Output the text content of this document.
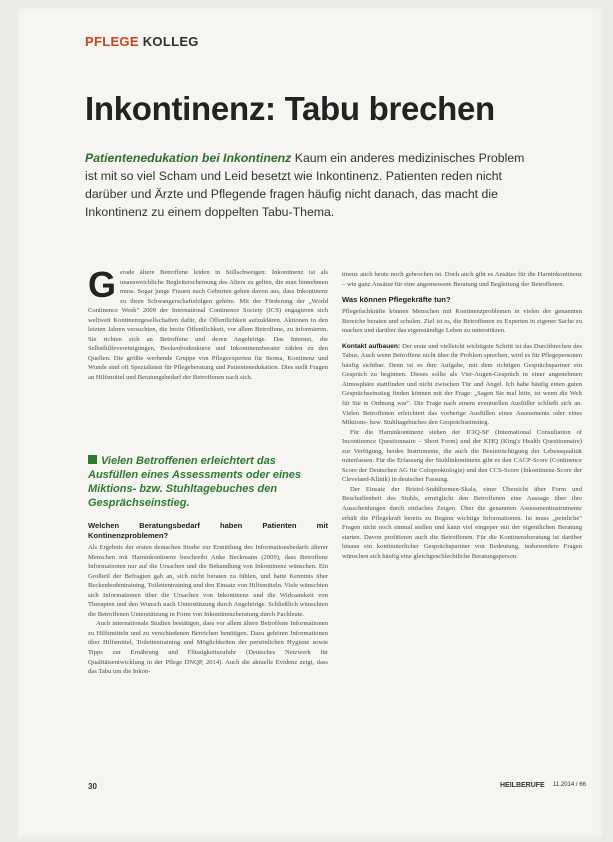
PFLEGE KOLLEG
Inkontinenz: Tabu brechen
Patientenedukation bei Inkontinenz Kaum ein anderes medizinisches Problem ist mit so viel Scham und Leid besetzt wie Inkontinenz. Patienten reden nicht darüber und Ärzte und Pflegende fragen häufig nicht danach, das macht die Inkontinenz zu einem doppelten Tabu-Thema.
G erade ältere Betroffene leiden in Stillschweigen: Inkontinenz ist als unausweichliche Begleiterscheinung des Alters zu gelten, die man hinnehmen muss. Sogar junge Frauen nach Geburten gehen davon aus, dass Inkontinenz zu ihren Schwangerschaftsfolgen gehöre. Mit der Förderung der „World Continence Week" 2009 der International Continence Society (ICS) engagieren sich weltweit Kontinenzgesellschaften dafür, die Öffentlichkeit aufzuklären. Aktionen in den letzten Jahren versuchten, die breite Öffentlichkeit, vor allem Betroffene, zu informieren. Sie richten sich an Betroffene und deren Angehörige. Das Internet, die Selbsthilfevereinigungen, Beckenbodenkurse und Inkontinenzberater zählen zu den Quellen. Die größte werbende Gruppe von Pflegeexperten für Stoma, Kontinenz und Wunde sind oft Spezialisten für Pflegeberatung und Patientenedukation. Dies stellt Fragen an Hilfsmittel und Beratungsbedarf der Betroffenen nach sich.

Vielen Betroffenen erleichtert das Ausfüllen eines Assessments oder eines Miktions- bzw. Stuhltagebuches den Gesprächseinstieg.
Welchen Beratungsbedarf haben Patienten mit Kontinenzproblemen?

Als Ergebnis der ersten deutschen Studie zur Ermittlung des Informationsbedarfs älterer Menschen mit Harninkontinenz beschreibt Anke Beckmann (2009), dass Betroffene Informationen nur auf die Ursachen und die Behandlung von Inkontinenz wünschen. Ein Großteil der Befragten gab an, sich nicht beraten zu fühlen, und hatte Kenntnis über Beckenbodentraining, Toilettentraining und den Einsatz von Hilfsmitteln. Viele wünschten sich Informationen über die Ursachen von Inkontinenz und die Wirksamkeit von Therapien und den Wunsch nach Unterstützung durch Angehörige. Schließlich wünschten die Betroffenen Unterstützung in Form von Inkontinenzberatung durch Fachleute.

Auch internationale Studien bestätigen, dass vor allem ältere Betroffene Informationen zu Hilfsmitteln und zu verschiedenen Bereichen benötigen. Dazu gehören Informationen über Hilfsmittel, Toilettentraining und Möglichkeiten der persönlichen Hygiene sowie Tipps zur Ernährung und Flüssigkeitszufuhr (Deutsches Netzwerk für Qualitätsentwicklung in der Pflege DNQP, 2014). Auch die aktuelle Evidenz zeigt, dass das Tabu um die Inkon-

tinenz auch heute noch gebrochen ist. Doch auch gibt es Ansätze für die Harninkontinenz – wie ganz Ansätze für eine angemessene Beratung und Begleitung der Betroffenen.

Was können Pflegekräfte tun?

Pflegefachkräfte können Menschen mit Kontinenzproblemen in vielen der genannten Bereiche beraten und schulen. Ziel ist es, die Betroffenen zu Experten in eigener Sache zu machen und darüber das eigenständige Leben zu unterstützen.

Kontakt aufbauen: Der erste und vielleicht wichtigste Schritt ist das Durchbrechen des Tabus. Auch wenn Betroffene nicht über ihr Problem sprechen, wird es für Pflegepersonen häufig sichtbar. Denn ist es ihre Aufgabe, mit dem richtigen Gesprächspartner ein Gespräch zu beginnen. Dieses sollte als Vier-Augen-Gespräch in einer angenehmen Atmosphäre stattfinden und nicht zwischen Tür und Angel. Ich habe häufig einen guten Gesprächseinstieg finden können mit der Frage: „Sagen Sie mal bitte, ist wenn die Welt für Sie in Ordnung war". Die Frage nach einem eventuellen Ausfüller schließt sich an. Vielen Betroffenen erleichtert das vorherige Ausfüllen eines Assessments oder eines Miktions- bzw. Stuhltagebuches den Gesprächseinstieg.

Für die Harninkontinenz stehen der ICIQ-SF (International Consultation of Incontinence Questionnaire – Short Form) und der KHQ (King's Health Questionnaire) zur Verfügung, beides Instrumente, die auch die Beeinträchtigung der Lebensqualität miterfassen. Für die Erfassung der Stuhlinkontinenz gibt es den CACP-Score (Continence Score der Deutschen AG für Coloproktologie) und den CCS-Score (Inkontinenz-Score der Cleveland-Klinik) in deutscher Fassung.

Der Einsatz der Bristol-Stuhlformen-Skala, einer Übersicht über Form und Beschaffenheit des Stuhls, ermöglicht den Betroffenen eine Aussage über ihre Ausscheidungen durch einfaches Zeigen. Über die genannten Assessmentinstrumente erhält die Pflegekraft bereits zu Beginn wichtige Informationen. Ist muss „peinliche" Fragen nicht noch einmal stellen und kann viel eingeper mit der eigentlichen Beratung starten. Davon profitieren auch die Betroffenen. Für die Kontinenzberatung ist darüber hinaus ein kontinuierlicher Gesprächspartner von Bedeutung, insbesondere Fragen wünschen sich häufig eine gleichgeschlechtliche Beratungsperson.

30	HEILBERUFE 11.2014 / 66
